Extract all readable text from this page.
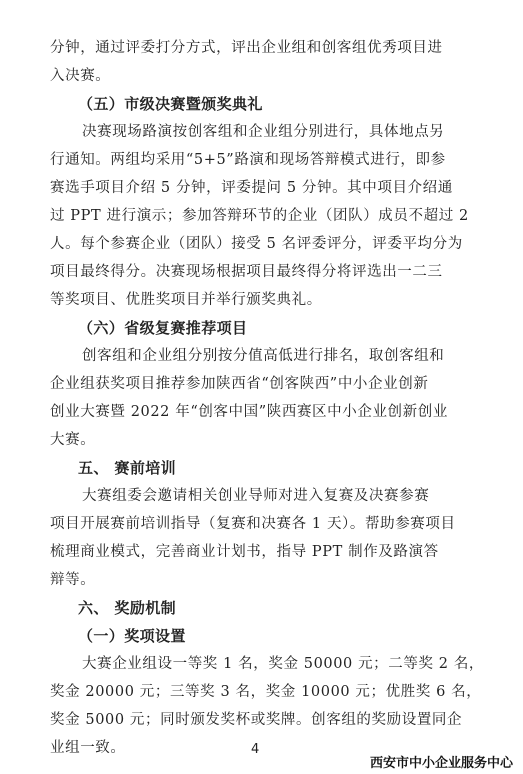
分钟，通过评委打分方式，评出企业组和创客组优秀项目进
入决赛。
（五）市级决赛暨颁奖典礼
决赛现场路演按创客组和企业组分别进行，具体地点另
行通知。两组均采用“5+5”路演和现场答辩模式进行，即参
赛选手项目介绍 5 分钟，评委提问 5 分钟。其中项目介绍通
过 PPT 进行演示；参加答辩环节的企业（团队）成员不超过 2
人。每个参赛企业（团队）接受 5 名评委评分，评委平均分为
项目最终得分。决赛现场根据项目最终得分将评选出一二三
等奖项目、优胜奖项目并举行颁奖典礼。
（六）省级复赛推荐项目
创客组和企业组分别按分值高低进行排名，取创客组和
企业组获奖项目推荐参加陕西省“创客陕西”中小企业创新
创业大赛暨 2022 年“创客中国”陕西赛区中小企业创新创业
大赛。
五、 赛前培训
大赛组委会邀请相关创业导师对进入复赛及决赛参赛
项目开展赛前培训指导（复赛和决赛各 1 天）。帮助参赛项目
梳理商业模式，完善商业计划书，指导 PPT 制作及路演答
辩等。
六、 奖励机制
（一）奖项设置
大赛企业组设一等奖 1 名，奖金 50000 元；二等奖 2 名，
奖金 20000 元；三等奖 3 名，奖金 10000 元；优胜奖 6 名，
奖金 5000 元；同时颁发奖杯或奖牌。创客组的奖励设置同企
业组一致。	4
西安市中小企业服务中心
